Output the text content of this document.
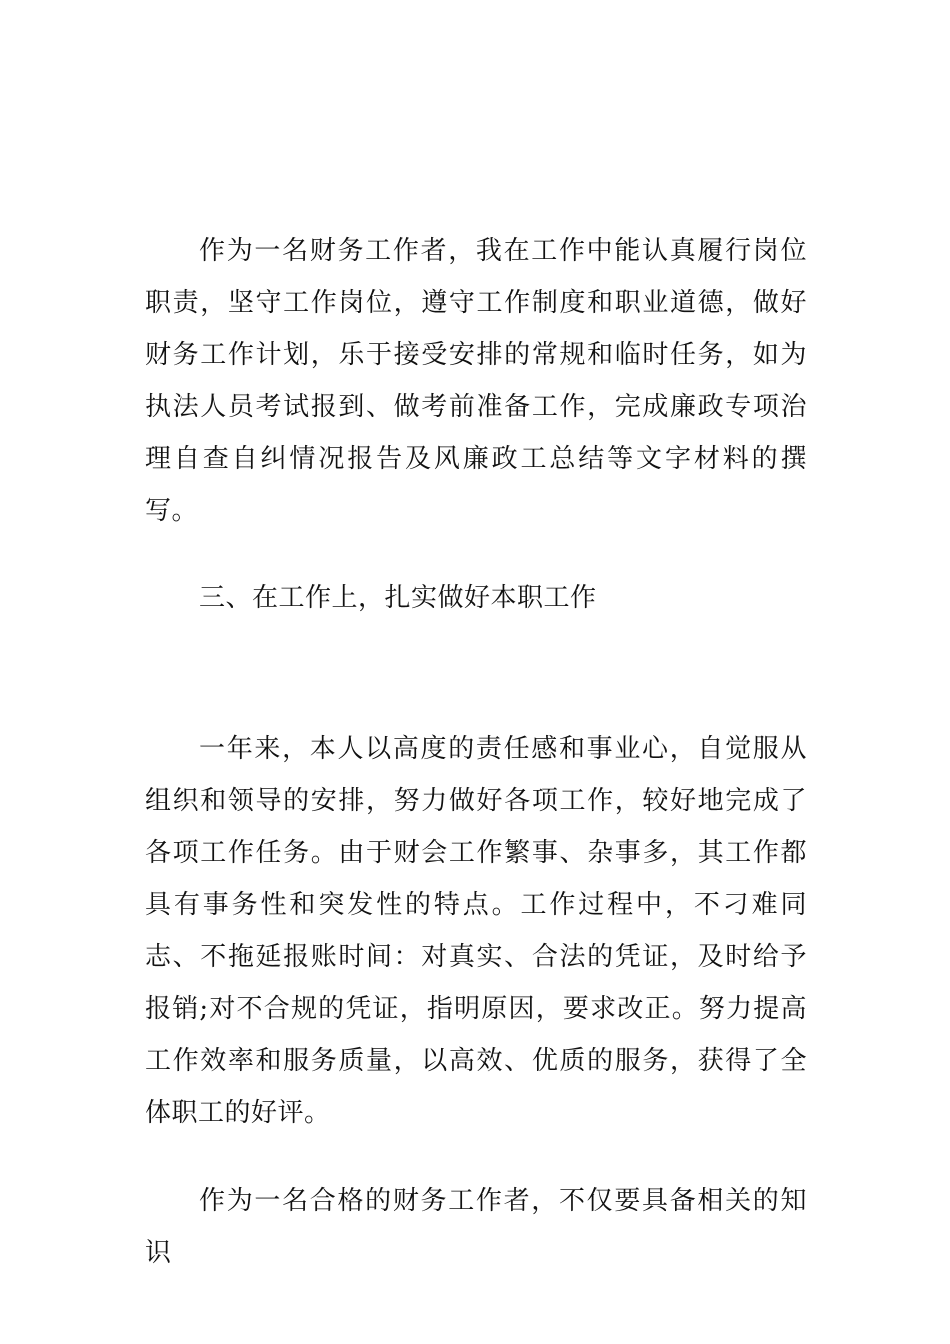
作为一名财务工作者，我在工作中能认真履行岗位职责，坚守工作岗位，遵守工作制度和职业道德，做好财务工作计划，乐于接受安排的常规和临时任务，如为执法人员考试报到、做考前准备工作，完成廉政专项治理自查自纠情况报告及风廉政工总结等文字材料的撰写。

三、在工作上，扎实做好本职工作

一年来，本人以高度的责任感和事业心，自觉服从组织和领导的安排，努力做好各项工作，较好地完成了各项工作任务。由于财会工作繁事、杂事多，其工作都具有事务性和突发性的特点。工作过程中，不刁难同志、不拖延报账时间：对真实、合法的凭证，及时给予报销;对不合规的凭证，指明原因，要求改正。努力提高工作效率和服务质量，以高效、优质的服务，获得了全体职工的好评。

作为一名合格的财务工作者，不仅要具备相关的知识
